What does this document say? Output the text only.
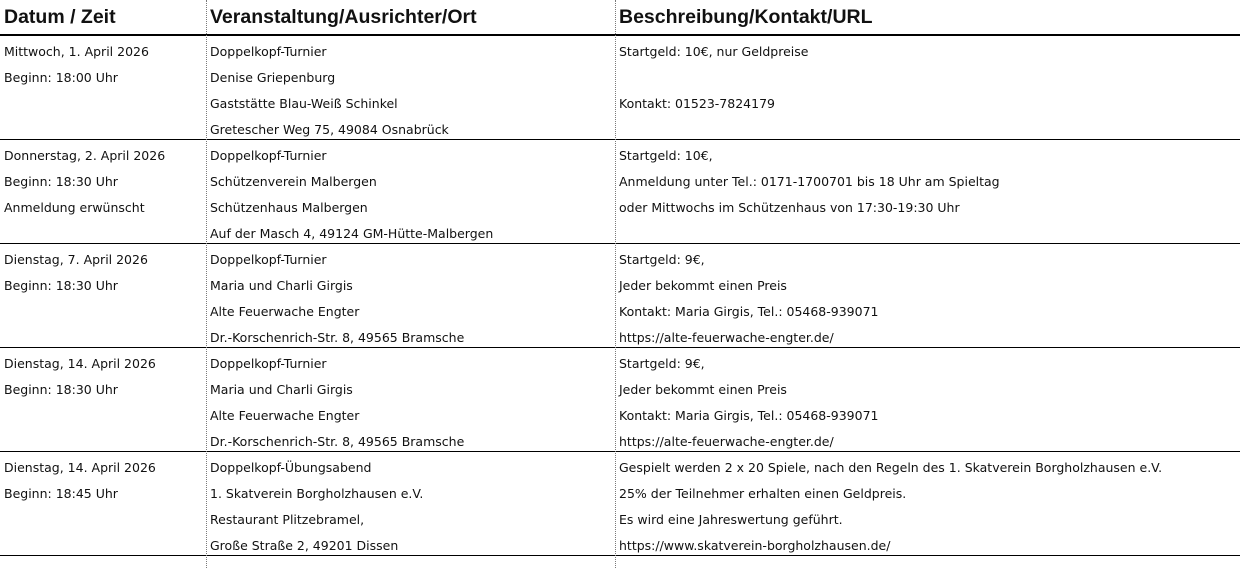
Datum / Zeit	Veranstaltung/Ausrichter/Ort	Beschreibung/Kontakt/URL
Mittwoch, 1. April 2026
Beginn: 18:00 Uhr
Doppelkopf-Turnier
Denise Griepenburg
Gaststätte Blau-Weiß Schinkel
Gretescher Weg 75, 49084 Osnabrück
Startgeld: 10€, nur Geldpreise
Kontakt: 01523-7824179
Donnerstag, 2. April 2026
Beginn: 18:30 Uhr
Anmeldung erwünscht
Doppelkopf-Turnier
Schützenverein Malbergen
Schützenhaus Malbergen
Auf der Masch 4, 49124 GM-Hütte-Malbergen
Startgeld: 10€,
Anmeldung unter Tel.: 0171-1700701 bis 18 Uhr am Spieltag
oder Mittwochs im Schützenhaus von 17:30-19:30 Uhr
Dienstag, 7. April 2026
Beginn: 18:30 Uhr
Doppelkopf-Turnier
Maria und Charli Girgis
Alte Feuerwache Engter
Dr.-Korschenrich-Str. 8, 49565 Bramsche
Startgeld: 9€,
Jeder bekommt einen Preis
Kontakt: Maria Girgis, Tel.: 05468-939071
https://alte-feuerwache-engter.de/
Dienstag, 14. April 2026
Beginn: 18:30 Uhr
Doppelkopf-Turnier
Maria und Charli Girgis
Alte Feuerwache Engter
Dr.-Korschenrich-Str. 8, 49565 Bramsche
Startgeld: 9€,
Jeder bekommt einen Preis
Kontakt: Maria Girgis, Tel.: 05468-939071
https://alte-feuerwache-engter.de/
Dienstag, 14. April 2026
Beginn: 18:45 Uhr
Doppelkopf-Übungsabend
1. Skatverein Borgholzhausen e.V.
Restaurant Plitzebramel,
Große Straße 2, 49201 Dissen
Gespielt werden 2 x 20 Spiele, nach den Regeln des 1. Skatverein Borgholzhausen e.V.
25% der Teilnehmer erhalten einen Geldpreis.
Es wird eine Jahreswertung geführt.
https://www.skatverein-borgholzhausen.de/
